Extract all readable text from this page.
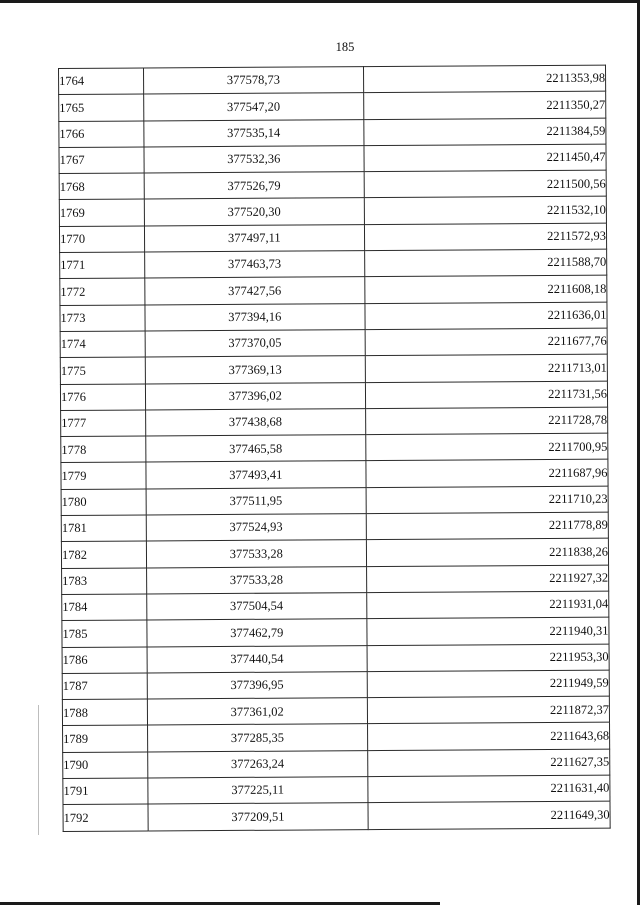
185
1764	377578,73	2211353,98
1765	377547,20	2211350,27
1766	377535,14	2211384,59
1767	377532,36	2211450,47
1768	377526,79	2211500,56
1769	377520,30	2211532,10
1770	377497,11	2211572,93
1771	377463,73	2211588,70
1772	377427,56	2211608,18
1773	377394,16	2211636,01
1774	377370,05	2211677,76
1775	377369,13	2211713,01
1776	377396,02	2211731,56
1777	377438,68	2211728,78
1778	377465,58	2211700,95
1779	377493,41	2211687,96
1780	377511,95	2211710,23
1781	377524,93	2211778,89
1782	377533,28	2211838,26
1783	377533,28	2211927,32
1784	377504,54	2211931,04
1785	377462,79	2211940,31
1786	377440,54	2211953,30
1787	377396,95	2211949,59
1788	377361,02	2211872,37
1789	377285,35	2211643,68
1790	377263,24	2211627,35
1791	377225,11	2211631,40
1792	377209,51	2211649,30
